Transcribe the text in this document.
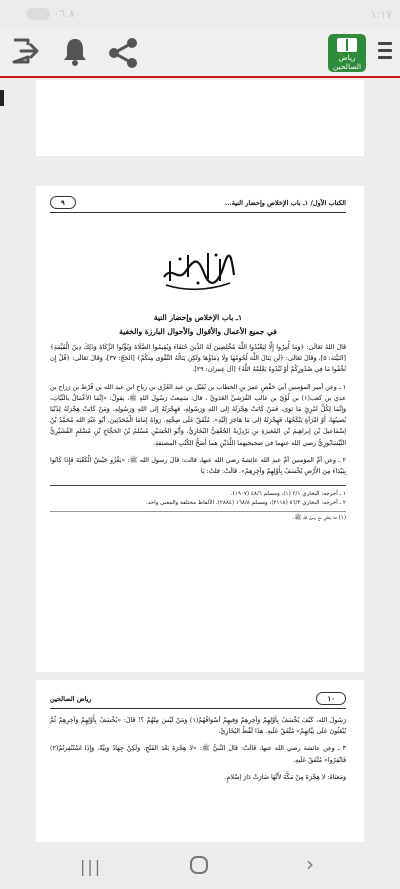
٨٠ ٠٦	١:١٧
رياض الصالحين
الكتاب الأول/ ١ـ باب الإخلاص وإحضار النية...
٩
١ـ باب الإخلاص وإحضار النية
في جميع الأعمال والأقوال والأحوال البارزة والخفية

قَالَ اللهُ تَعَالَى: ﴿وَمَا أُمِرُوا إِلَّا لِيَعْبُدُوا اللَّهَ مُخْلِصِينَ لَهُ الدِّينَ حُنَفَاءَ وَيُقِيمُوا الصَّلَاةَ وَيُؤْتُوا الزَّكَاةَ وَذَلِكَ دِينُ الْقَيِّمَةِ﴾ [البَيِّنَة: ٥]، وَقَالَ تَعَالَى: ﴿لَن يَنَالَ اللَّهَ لُحُومُهَا وَلَا دِمَاؤُهَا وَلَكِن يَنَالُهُ التَّقْوَى مِنكُمْ﴾ [الحَجّ: ٣٧]، وَقَالَ تَعَالَى: ﴿قُلْ إِن تُخْفُوا مَا فِي صُدُورِكُمْ أَوْ تُبْدُوهُ يَعْلَمْهُ اللَّهُ﴾ [آل عِمران: ٢٩].

١ ـ وعن أمير المؤمنين أبي حَفْصٍ عمرَ بنِ الخطاب بن نُفَيْل بن عبد العُزّى بن رياح ابن عبد الله بن قُرْط بن رَزاح بن عدي بن كعب(١) بن لُؤَيّ بن غالب القُرَشيِّ العَدَويِّ ، قال: سَمِعتُ رَسُولَ اللهِ ﷺ، يقولُ: «إنَّمَا الأعْمَالُ بالنِّيّاتِ، وَإنَّمَا لِكُلِّ امْرِئٍ مَا نَوَى، فَمَنْ كَانَتْ هِجْرَتُهُ إلى اللهِ وَرَسُولِهِ، فَهِجْرَتُهُ إلى اللهِ وَرَسُولِهِ، وَمَنْ كَانَتْ هِجْرَتُهُ لِدُنْيَا يُصيبُهَا، أَوْ امْرَأةٍ يَنْكَحُهَا، فَهِجْرَتُهُ إلى مَا هَاجَرَ إلَيْهِ». مُتَّفَقٌ عَلَى صِحَّتِهِ. رَوَاهُ إمَامَا الْمُحَدّثِينَ، أبُو عَبْدِ الله مُحَمَّدُ بْنُ إسْمَاعيلَ بْن إبراهِيمَ بْن المُغيرَةِ بنِ بَرْدِزْبهْ الجُعْفِيُّ البُخَارِيُّ، وَأَبُو الحُسَيْنِ مُسْلمُ بْنُ الحَجَّاجِ بْنِ مُسْلمٍ القُشَيْرِيُّ النَّيْسَابُورِيُّ رضي الله عنهما في صحيحيهما اللَّذَيْنِ هما أَصَحُّ الكُتُبِ المصنفةِ.

٢ ـ وعن أمِّ المؤمنين أمِّ عبدِ الله عائشةَ رضي الله عنها، قالت: قَالَ رسول الله ﷺ: «يَغْزُو جَيْشٌ الْكَعْبَةَ فَإِذَا كَانُوا بِبَيْدَاءَ مِنَ الأَرْضِ يُخْسَفُ بِأَوَّلِهِمْ وَآخِرِهِمْ». قَالَتْ: قلتُ: يَا

١ ـ أخرجه: البخاري ٢/١ (١)، ومسلم ٤٨/٦ (١٩٠٧).
٢ ـ أخرجه: البخاري ٨٦/٣ (٢١١٨)، ومسلم ١٦٨/٨ (٢٨٨٤). الألفاظ مختلفة والمعنى واحد.
(١) هنا يلتقي مع رسول الله ﷺ.
١٠
رياض الصالحين

رَسُولَ الله، كَيْفَ يُخْسَفُ بِأوَّلِهِمْ وَآخِرِهِمْ وَفِيهِمْ أسْوَاقُهُمْ(١) وَمَنْ لَيْسَ مِنْهُمْ ؟! قَالَ: «يُخْسَفُ بِأَوَّلِهِمْ وَآخِرِهِمْ ثُمَّ يُبْعَثُونَ عَلَى نِيَّاتِهِمْ» مُتَّفَقٌ عَلَيهِ. هذَا لَفْظُ البُخَارِيِّ.

٣ ـ وعن عائشة رضي الله عنها، قَالَتْ: قَالَ النَّبيُّ ﷺ: «لا هِجْرَةَ بَعْدَ الفَتْحِ، وَلَكِنْ جِهَادٌ وَنِيَّةٌ، وَإِذَا اسْتُنْفِرتُمْ(٢) فَانْفِرُوا» مُتَّفَقٌ عَلَيهِ.

وَمَعنَاهُ: لا هِجْرَةَ مِنْ مَكَّةَ لأَنَّهَا صَارَتْ دَارَ إسْلامٍ.

|||	›
